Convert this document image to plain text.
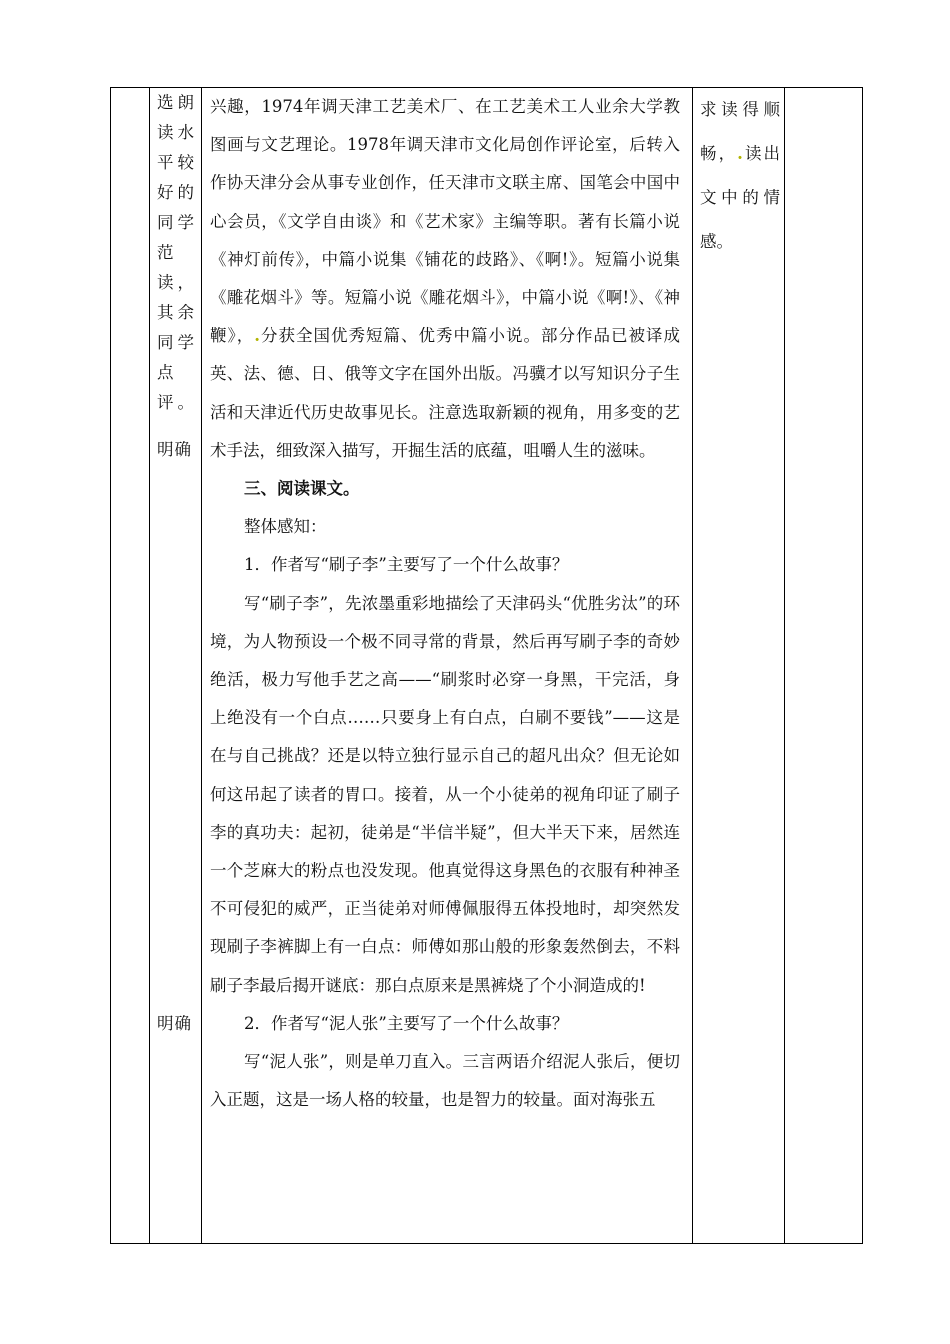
选朗
读水
平较
好的
同学
范
读，
其余
同学
点
评。
明确
明确

兴趣，1974年调天津工艺美术厂、在工艺美术工人业余大学教图画与文艺理论。1978年调天津市文化局创作评论室，后转入作协天津分会从事专业创作，任天津市文联主席、国笔会中国中心会员，《文学自由谈》和《艺术家》主编等职。著有长篇小说《神灯前传》，中篇小说集《铺花的歧路》、《啊!》。短篇小说集《雕花烟斗》等。短篇小说《雕花烟斗》，中篇小说《啊!》、《神鞭》，.分获全国优秀短篇、优秀中篇小说。部分作品已被译成英、法、德、日、俄等文字在国外出版。冯骥才以写知识分子生活和天津近代历史故事见长。注意选取新颖的视角，用多变的艺术手法，细致深入描写，开掘生活的底蕴，咀嚼人生的滋味。

三、阅读课文。

整体感知：

1．作者写“刷子李”主要写了一个什么故事？

写“刷子李”，先浓墨重彩地描绘了天津码头“优胜劣汰”的环境，为人物预设一个极不同寻常的背景，然后再写刷子李的奇妙绝活，极力写他手艺之高——“刷浆时必穿一身黑，干完活，身上绝没有一个白点……只要身上有白点，白刷不要钱”——这是在与自己挑战？还是以特立独行显示自己的超凡出众？但无论如何这吊起了读者的胃口。接着，从一个小徒弟的视角印证了刷子李的真功夫：起初，徒弟是“半信半疑”，但大半天下来，居然连一个芝麻大的粉点也没发现。他真觉得这身黑色的衣服有种神圣不可侵犯的威严，正当徒弟对师傅佩服得五体投地时，却突然发现刷子李裤脚上有一白点：师傅如那山般的形象轰然倒去，不料刷子李最后揭开谜底：那白点原来是黑裤烧了个小洞造成的!

2．作者写“泥人张”主要写了一个什么故事？

写“泥人张”，则是单刀直入。三言两语介绍泥人张后，便切入正题，这是一场人格的较量，也是智力的较量。面对海张五

求读得顺

畅，.读出

文中的情

感。
